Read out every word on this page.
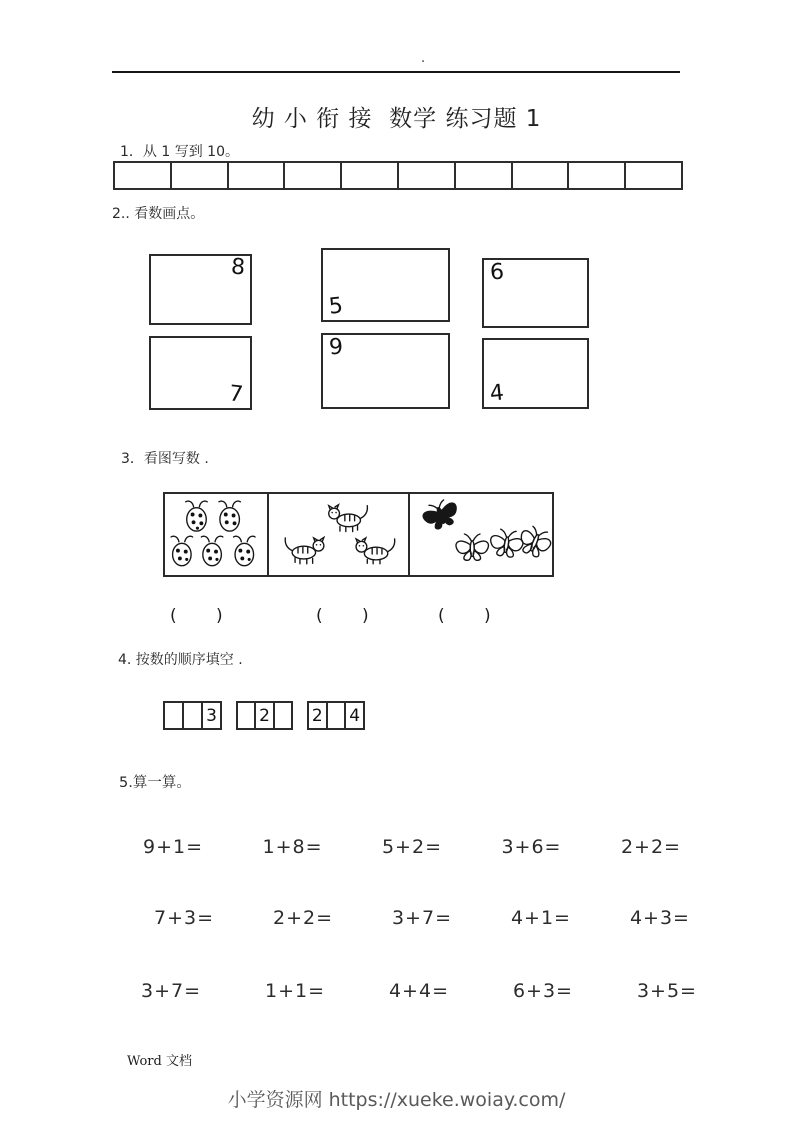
.
幼 小 衔 接  数学 练习题 1
1．从 1 写到 10。
2.. 看数画点。
8
7
5
9
6
4
3．看图写数 .
(      )	(      )	(      )
4. 按数的顺序填空 .
3 2 2 4
5.算一算。
9+1=	1+8=	5+2=	3+6=	2+2=
7+3=	2+2=	3+7=	4+1=	4+3=
3+7=	1+1=	4+4=	6+3=	3+5=
Word 文档
小学资源网 https://xueke.woiay.com/
